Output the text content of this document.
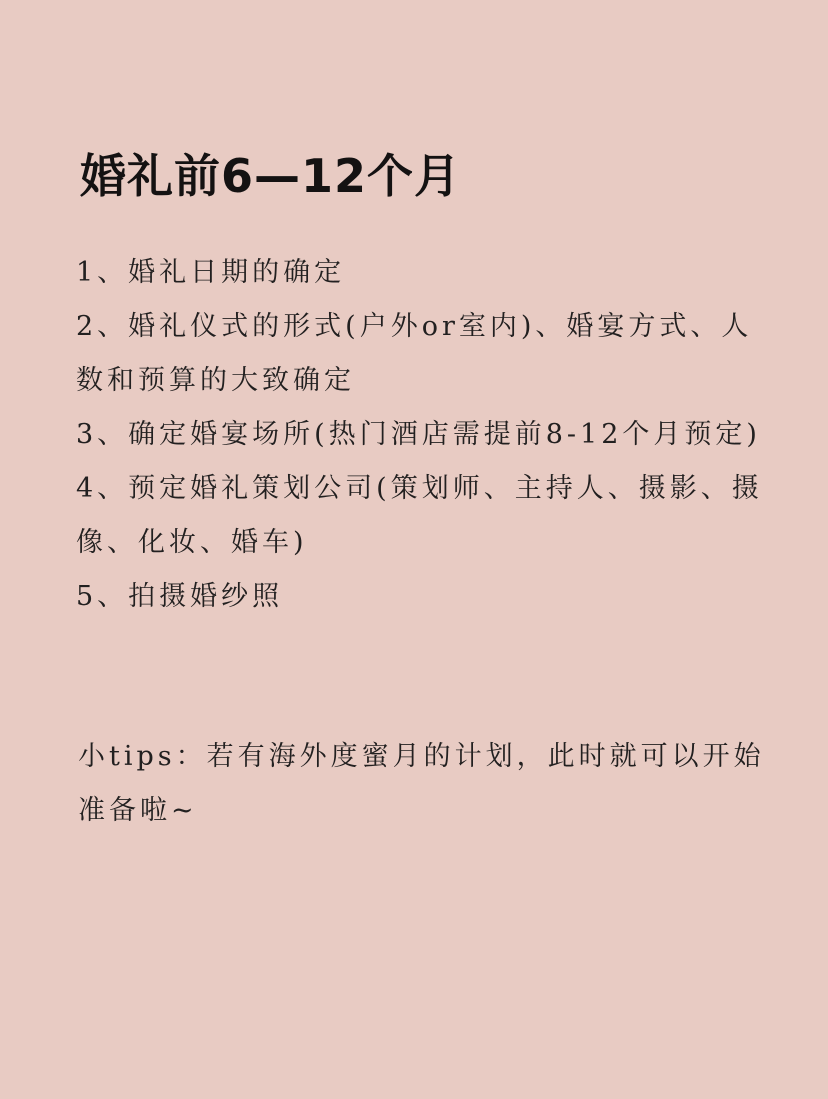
婚礼前6—12个月
1、婚礼日期的确定
2、婚礼仪式的形式(户外or室内)、婚宴方式、人数和预算的大致确定
3、确定婚宴场所(热门酒店需提前8-12个月预定)
4、预定婚礼策划公司(策划师、主持人、摄影、摄像、化妆、婚车)
5、拍摄婚纱照
小tips：若有海外度蜜月的计划，此时就可以开始准备啦~
